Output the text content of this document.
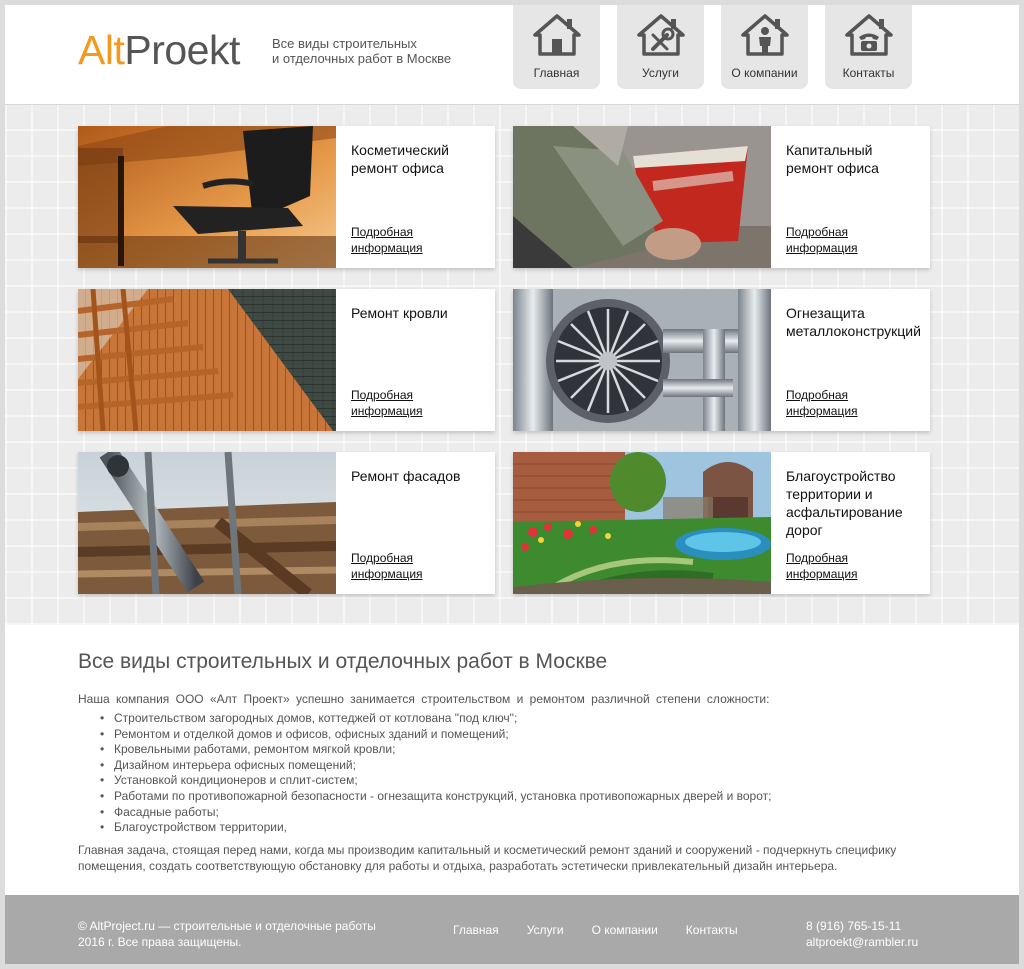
AltProekt Все виды строительных
и отделочных работ в Москве
Главная	Услуги	О компании	Контакты
Косметический
ремонт офиса
Подробная
информация
Капитальный
ремонт офиса
Подробная
информация
Ремонт кровли
Подробная
информация
Огнезащита
металлоконструкций
Подробная
информация
Ремонт фасадов
Подробная
информация
Благоустройство
территории и
асфальтирование
дорог
Подробная
информация
Все виды строительных и отделочных работ в Москве

Наша компания ООО «Алт Проект» успешно занимается строительством и ремонтом различной степени сложности:

• Строительством загородных домов, коттеджей от котлована "под ключ";
• Ремонтом и отделкой домов и офисов, офисных зданий и помещений;
• Кровельными работами, ремонтом мягкой кровли;
• Дизайном интерьера офисных помещений;
• Установкой кондиционеров и сплит-систем;
• Работами по противопожарной безопасности - огнезащита конструкций, установка противопожарных дверей и ворот;
• Фасадные работы;
• Благоустройством территории,

Главная задача, стоящая перед нами, когда мы производим капитальный и косметический ремонт зданий и сооружений - подчеркнуть специфику

помещения, создать соответствующую обстановку для работы и отдыха, разработать эстетически привлекательный дизайн интерьера.

© AltProject.ru — строительные и отделочные работы
2016 г. Все права защищены.
Главная Услуги О компании Контакты	8 (916) 765-15-11
altproekt@rambler.ru
